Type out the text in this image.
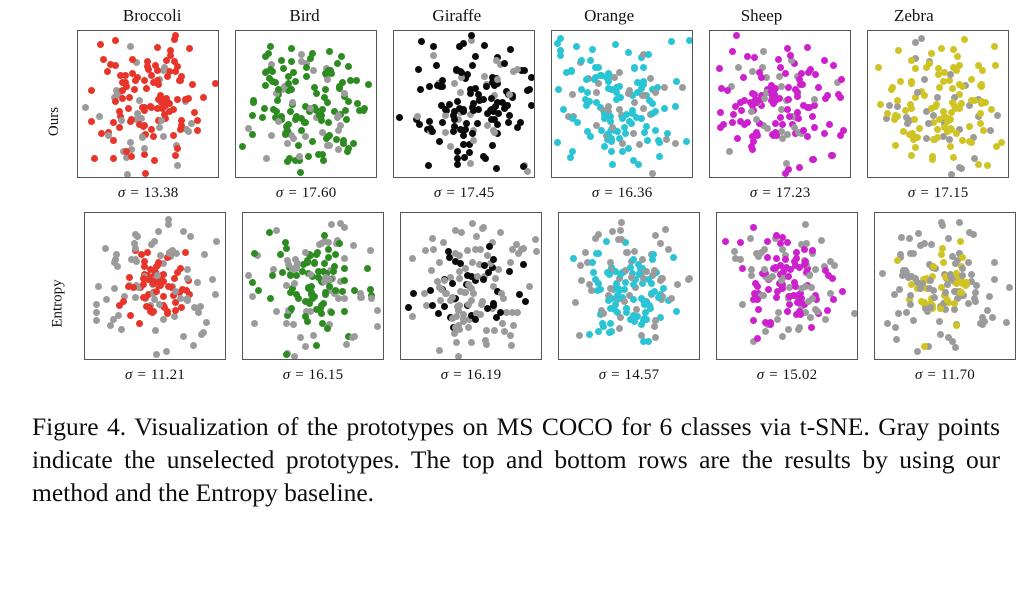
Broccoli	Bird	Giraffe	Orange	Sheep	Zebra
Ours
σ = 13.38	σ = 17.60	σ = 17.45	σ = 16.36	σ = 17.23	σ = 17.15
Entropy
σ = 11.21	σ = 16.15	σ = 16.19	σ = 14.57	σ = 15.02	σ = 11.70
Figure 4. Visualization of the prototypes on MS COCO for 6 classes via t-SNE. Gray points indicate the unselected prototypes. The top and bottom rows are the results by using our method and the Entropy baseline.
